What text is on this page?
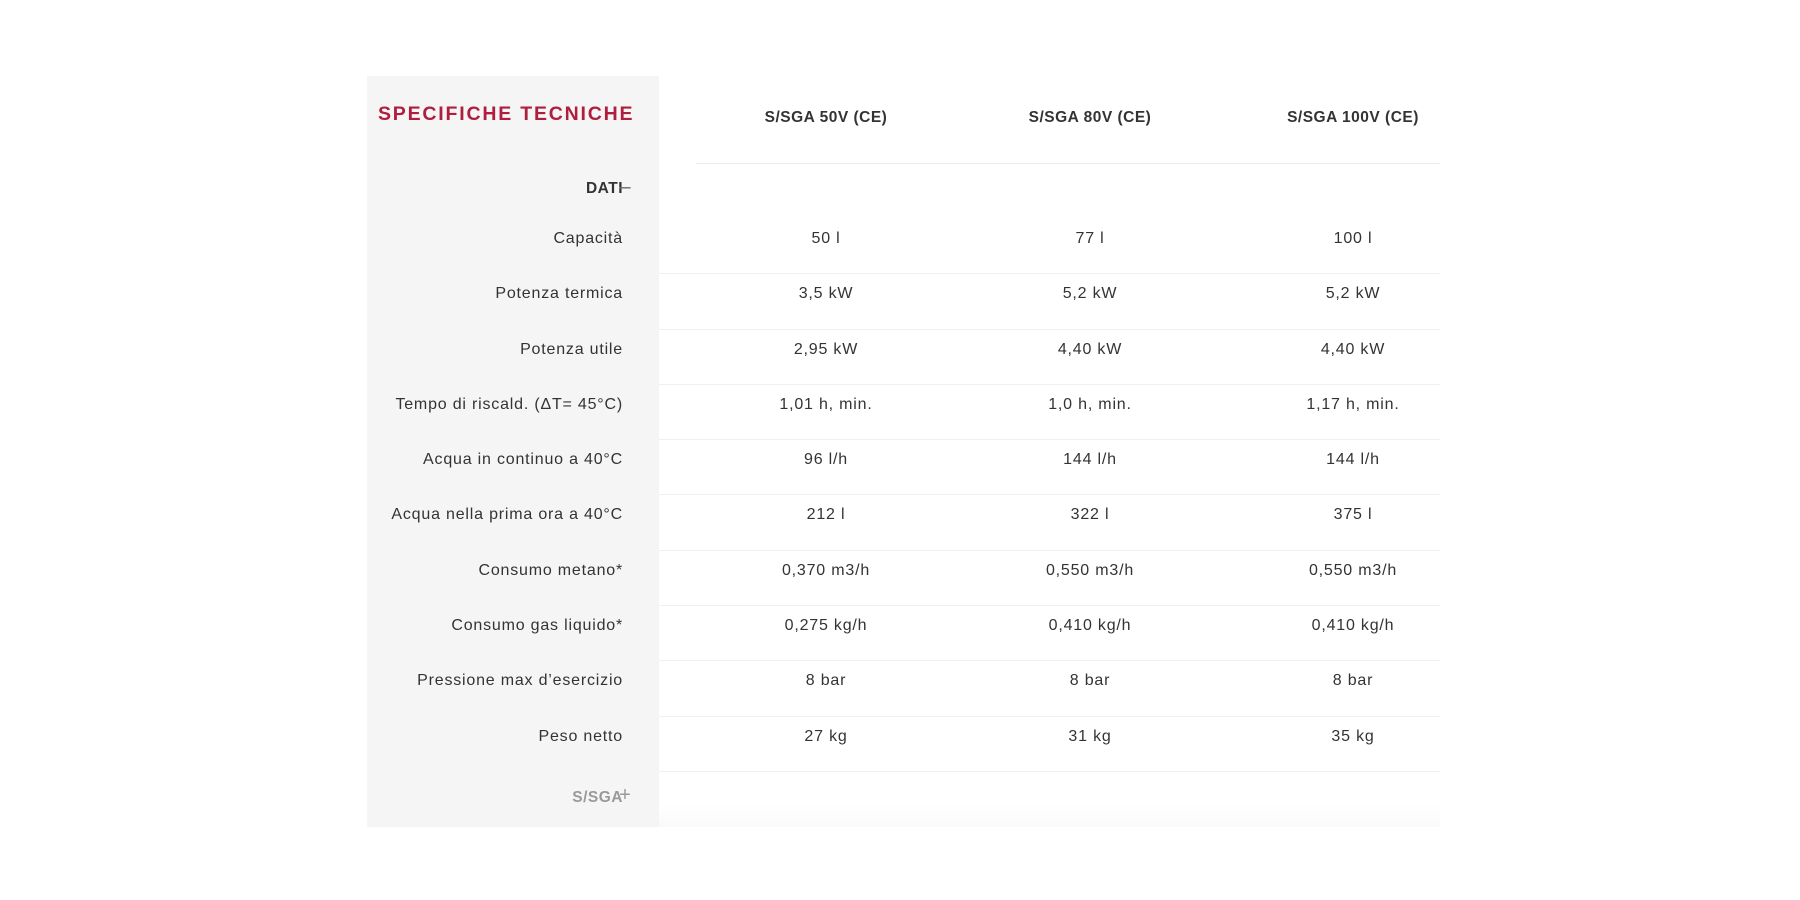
SPECIFICHE TECNICHE	S/SGA 50V (CE)	S/SGA 80V (CE)	S/SGA 100V (CE)
DATI
–
Capacità	50 l	77 l	100 l
Potenza termica	3,5 kW	5,2 kW	5,2 kW
Potenza utile	2,95 kW	4,40 kW	4,40 kW
Tempo di riscald. (ΔT= 45°C)	1,01 h, min.	1,0 h, min.	1,17 h, min.
Acqua in continuo a 40°C	96 l/h	144 l/h	144 l/h
Acqua nella prima ora a 40°C	212 l	322 l	375 l
Consumo metano*	0,370 m3/h	0,550 m3/h	0,550 m3/h
Consumo gas liquido*	0,275 kg/h	0,410 kg/h	0,410 kg/h
Pressione max d’esercizio	8 bar	8 bar	8 bar
Peso netto	27 kg	31 kg	35 kg
S/SGA
+
